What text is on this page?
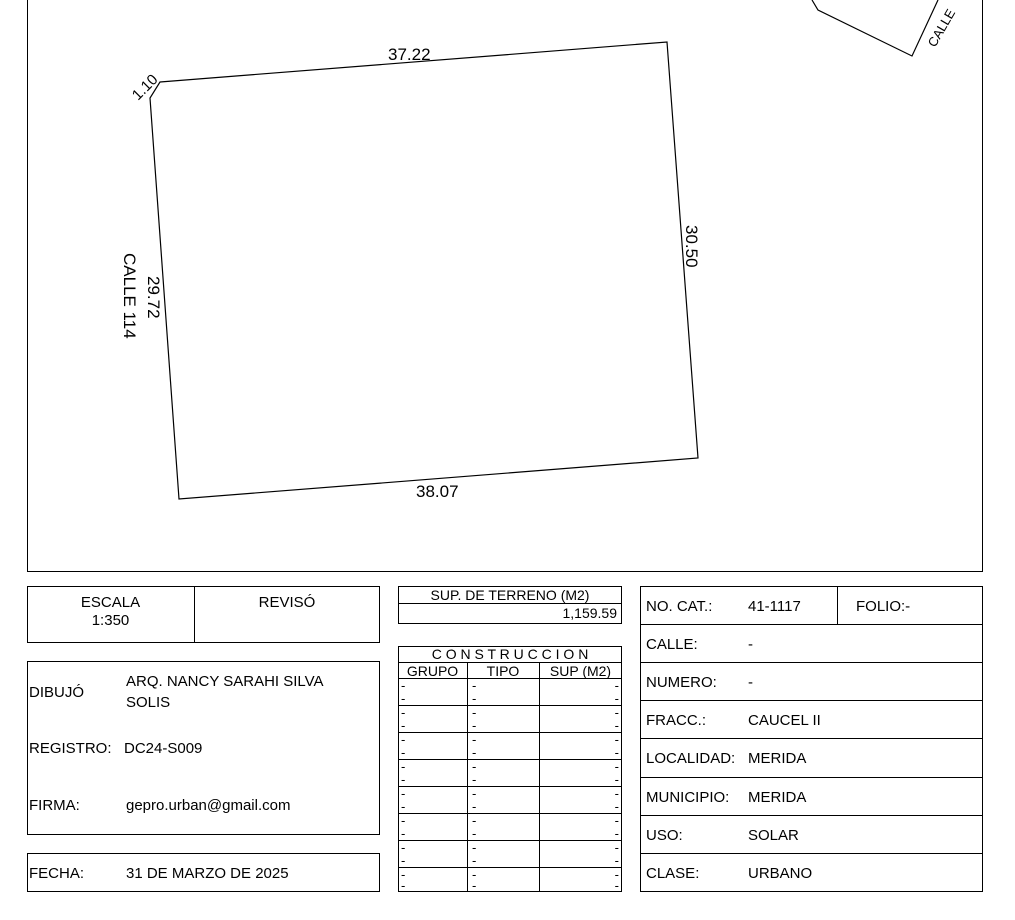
37.22
1.10
30.50
29.72
CALLE 114
38.07
CALLE
ESCALA
1:350
REVISÓ
DIBUJÓ
ARQ. NANCY SARAHI SILVA
SOLIS
REGISTRO: DC24-S009
FIRMA:	gepro.urban@gmail.com
FECHA:	31 DE MARZO DE 2025
SUP. DE TERRENO (M2)
1,159.59
C O N S T R U C C I O N
GRUPO	TIPO	SUP (M2)
-	-	-
-	-	-
-	-	-
-	-	-
-	-	-
-	-	-
-	-	-
-	-	-
-	-	-
-	-	-
-	-	-
-	-	-
-	-	-
-	-	-
-	-	-
-	-	-
NO. CAT.: 41-1117	FOLIO:-
CALLE:	-
NUMERO: -
FRACC.:	CAUCEL II
LOCALIDAD: MERIDA
MUNICIPIO: MERIDA
USO:	SOLAR
CLASE:	URBANO
